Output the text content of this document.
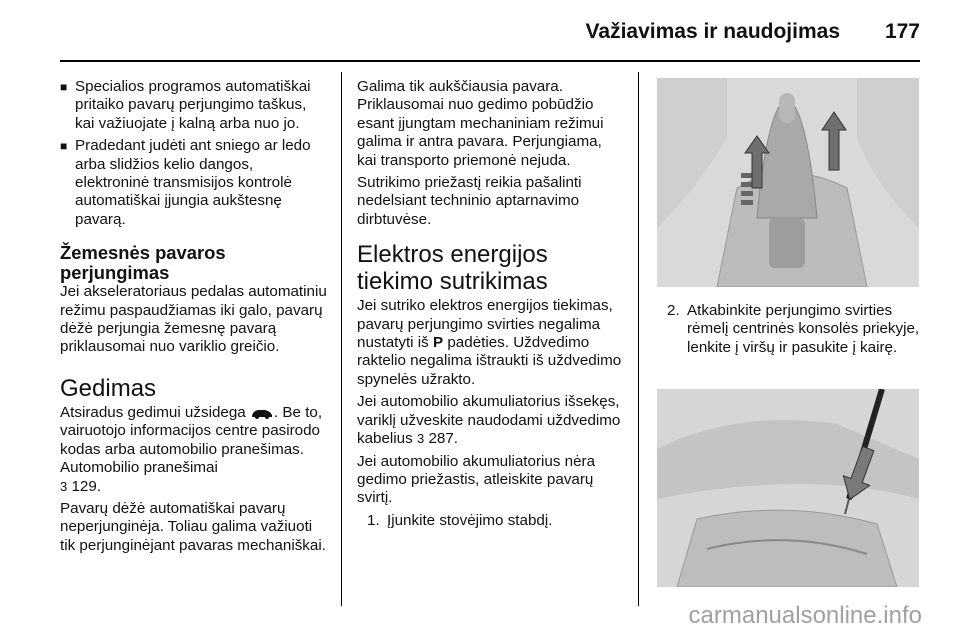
Važiavimas ir naudojimas 177
■ Specialios programos automatiškai pritaiko pavarų perjungimo taškus, kai važiuojate į kalną arba nuo jo.
■ Pradedant judėti ant sniego ar ledo arba slidžios kelio dangos, elektroninė transmisijos kontrolė automatiškai įjungia aukštesnę pavarą.
Žemesnės pavaros perjungimas

Jei akseleratoriaus pedalas automatiniu režimu paspaudžiamas iki galo, pavarų dėžė perjungia žemesnę pavarą priklausomai nuo variklio greičio.

Gedimas

Atsiradus gedimui užsidega . Be to, vairuotojo informacijos centre pasirodo kodas arba automobilio pranešimas. Automobilio pranešimai
3 129.

Pavarų dėžė automatiškai pavarų neperjunginėja. Toliau galima važiuoti tik perjunginėjant pavaras mechaniškai.

Galima tik aukščiausia pavara. Priklausomai nuo gedimo pobūdžio esant įjungtam mechaniniam režimui galima ir antra pavara. Perjungiama, kai transporto priemonė nejuda.

Sutrikimo priežastį reikia pašalinti nedelsiant techninio aptarnavimo dirbtuvėse.

Elektros energijos tiekimo sutrikimas

Jei sutriko elektros energijos tiekimas, pavarų perjungimo svirties negalima nustatyti iš P padėties. Uždvedimo raktelio negalima ištraukti iš uždvedimo spynelės užrakto.

Jei automobilio akumuliatorius išsekęs, variklį užveskite naudodami uždvedimo kabelius 3 287.

Jei automobilio akumuliatorius nėra gedimo priežastis, atleiskite pavarų svirtį.

1. Įjunkite stovėjimo stabdį.
2. Atkabinkite perjungimo svirties rėmelį centrinės konsolės priekyje, lenkite į viršų ir pasukite į kairę.
carmanualsonline.info
